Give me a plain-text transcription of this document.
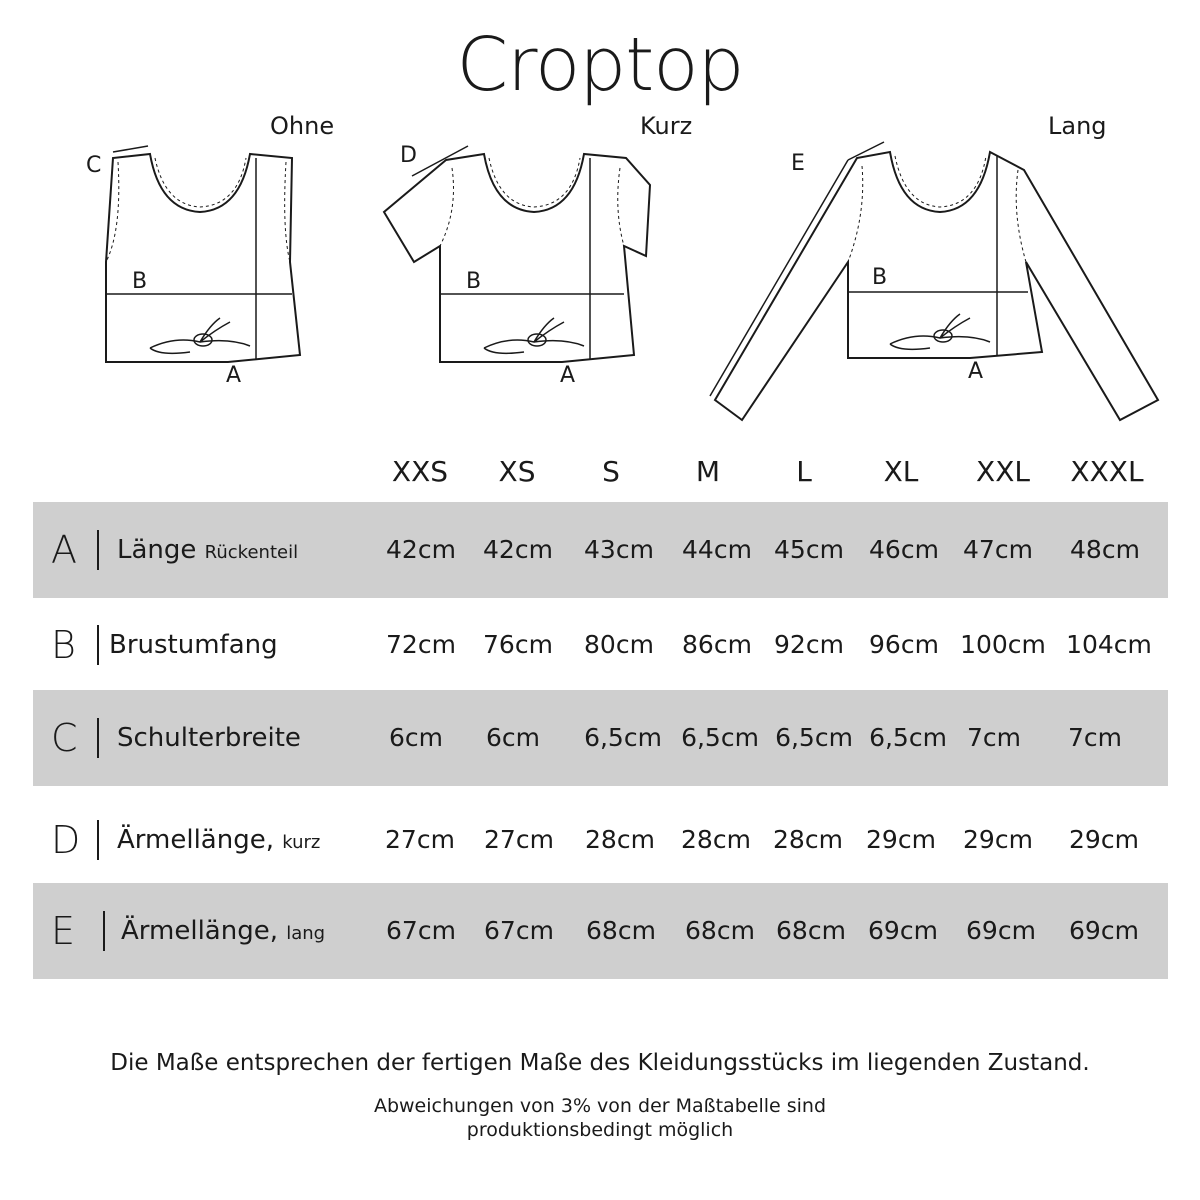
Croptop
Ohne	Kurz	Lang
C
B
A
D
B
A
E
B
A
XXS	XS	S	M	L	XL	XXL	XXXL
A Länge Rückenteil	42cm	42cm	43cm	44cm 45cm	46cm 47cm	48cm
B Brustumfang	72cm	76cm	80cm	86cm 92cm	96cm 100cm 104cm
C Schulterbreite	6cm	6cm	6,5cm 6,5cm 6,5cm 6,5cm 7cm	7cm
D Ärmellänge, kurz	27cm	27cm	28cm	28cm 28cm 29cm	29cm	29cm
E Ärmellänge, lang	67cm	67cm	68cm	68cm 68cm 69cm	69cm	69cm
Die Maße entsprechen der fertigen Maße des Kleidungsstücks im liegenden Zustand.
Abweichungen von 3% von der Maßtabelle sind
produktionsbedingt möglich
